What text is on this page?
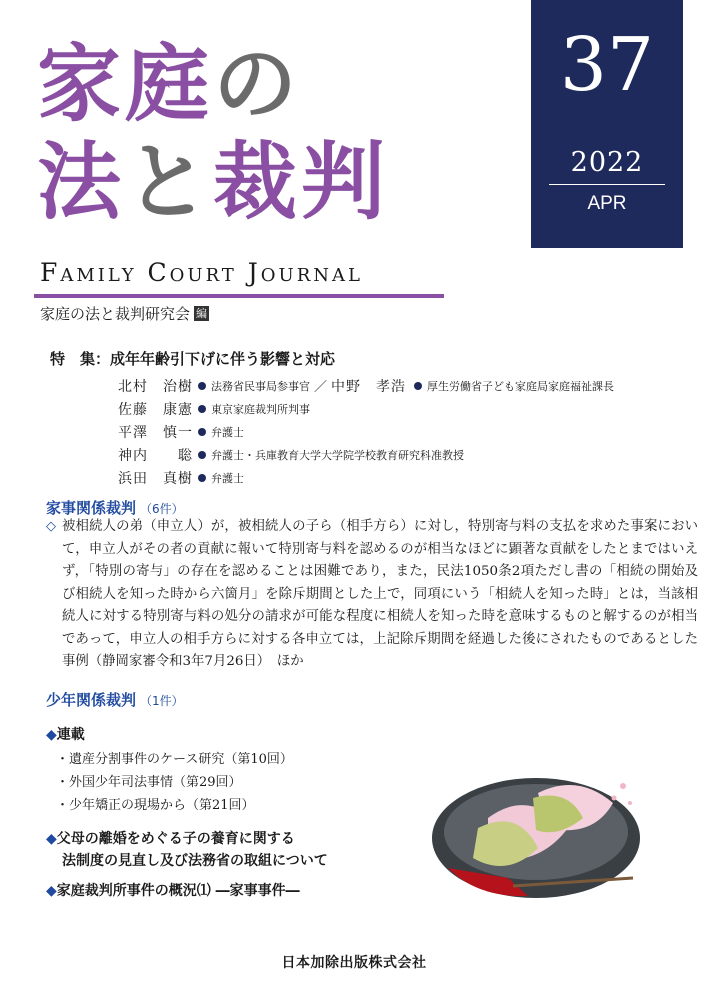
37
2022
APR
家庭の
法と裁判
Family Court Journal
家庭の法と裁判研究会 編
特　集：成年年齢引下げに伴う影響と対応
北村　治樹	法務省民事局参事官 ／ 中野　孝浩 厚生労働省子ども家庭局家庭福祉課長
佐藤　康憲	東京家庭裁判所判事
平澤　慎一	弁護士
神内　　聡	弁護士・兵庫教育大学大学院学校教育研究科准教授
浜田　真樹	弁護士
家事関係裁判 （6件）
◇ 被相続人の弟（申立人）が，被相続人の子ら（相手方ら）に対し，特別寄与料の支払を求めた事案において，申立人がその者の貢献に報いて特別寄与料を認めるのが相当なほどに顕著な貢献をしたとまではいえず，「特別の寄与」の存在を認めることは困難であり，また，民法1050条2項ただし書の「相続の開始及び相続人を知った時から六箇月」を除斥期間とした上で，同項にいう「相続人を知った時」とは，当該相続人に対する特別寄与料の処分の請求が可能な程度に相続人を知った時を意味するものと解するのが相当であって，申立人の相手方らに対する各申立ては，上記除斥期間を経過した後にされたものであるとした事例（静岡家審令和3年7月26日）　ほか
少年関係裁判 （1件）
◆連載
・遺産分割事件のケース研究（第10回）
・外国少年司法事情（第29回）
・少年矯正の現場から（第21回）
◆父母の離婚をめぐる子の養育に関する
法制度の見直し及び法務省の取組について
◆家庭裁判所事件の概況⑴ ―家事事件―
日本加除出版株式会社
